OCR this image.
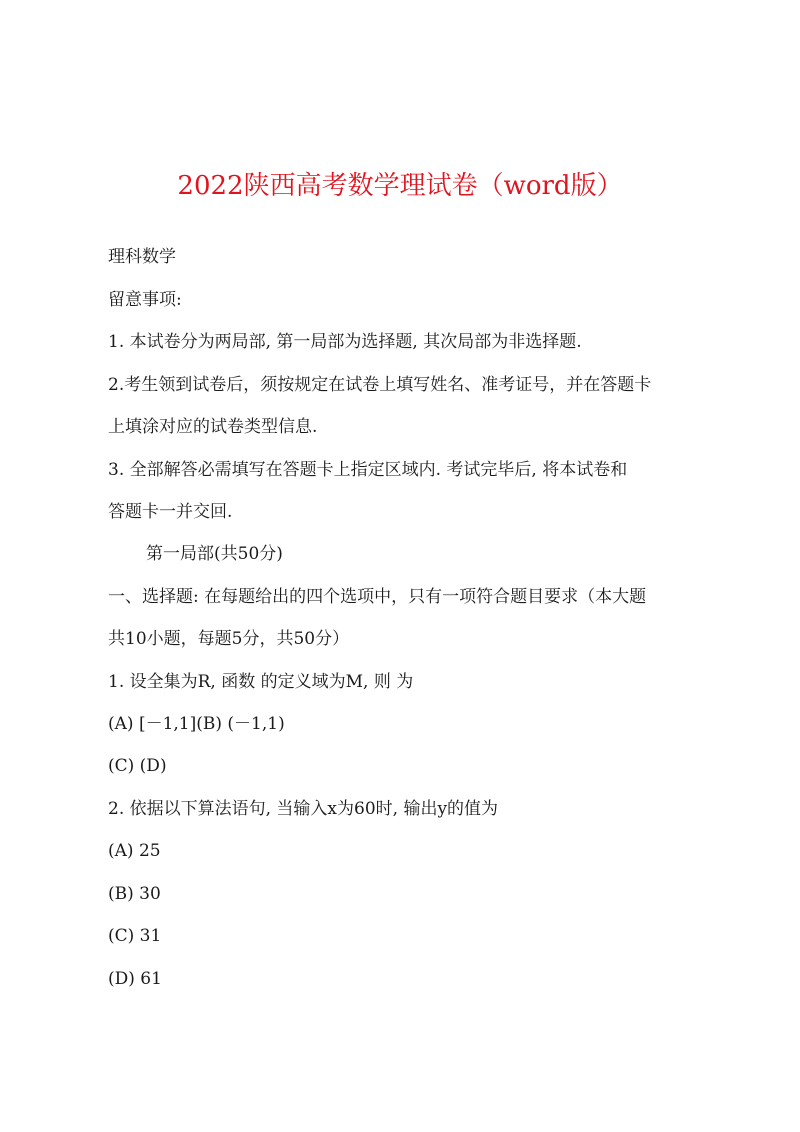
2022陕西高考数学理试卷（word版）

理科数学

留意事项:

1. 本试卷分为两局部, 第一局部为选择题, 其次局部为非选择题.

2.考生领到试卷后，须按规定在试卷上填写姓名、准考证号，并在答题卡

上填涂对应的试卷类型信息.

3. 全部解答必需填写在答题卡上指定区域内. 考试完毕后, 将本试卷和

答题卡一并交回.

第一局部(共50分)

一、选择题: 在每题给出的四个选项中，只有一项符合题目要求（本大题

共10小题，每题5分，共50分）

1. 设全集为R, 函数 的定义域为M, 则 为

(A) [－1,1](B) (－1,1)

(C) (D)

2. 依据以下算法语句, 当输入x为60时, 输出y的值为

(A) 25

(B) 30

(C) 31

(D) 61
